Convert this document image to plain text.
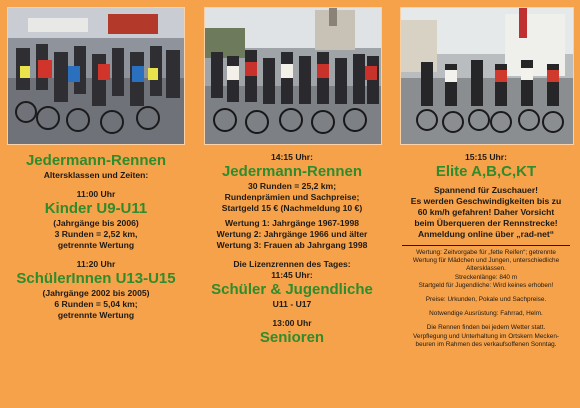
Jedermann-Rennen
Altersklassen und Zeiten:
11:00 Uhr
Kinder U9-U11
(Jahrgänge bis 2006)
3 Runden = 2,52 km,
getrennte Wertung
11:20 Uhr
SchülerInnen U13-U15
(Jahrgänge 2002 bis 2005)
6 Runden = 5,04 km;
getrennte Wertung
14:15 Uhr:
Jedermann-Rennen
30 Runden = 25,2 km;
Rundenprämien und Sachpreise;
Startgeld 15 € (Nachmeldung 10 €)
Wertung 1: Jahrgänge 1967-1998
Wertung 2: Jahrgänge 1966 und älter
Wertung 3: Frauen ab Jahrgang 1998
Die Lizenzrennen des Tages:
11:45 Uhr:
Schüler & Jugendliche
U11 - U17
13:00 Uhr
Senioren
15:15 Uhr:
Elite A,B,C,KT
Spannend für Zuschauer!
Es werden Geschwindigkeiten bis zu
60 km/h gefahren! Daher Vorsicht
beim Überqueren der Rennstrecke!
Anmeldung online über „rad-net“
Wertung: Zeitvorgabe für „fette Reifen“; getrennte
Wertung für Mädchen und Jungen, unterschiedliche
Altersklassen.
Streckenlänge: 840 m
Startgeld für Jugendliche: Wird keines erhoben!
Preise: Urkunden, Pokale und Sachpreise.
Notwendige Ausrüstung: Fahrrad, Helm.
Die Rennen finden bei jedem Wetter statt.
Verpflegung und Unterhaltung im Ortskern Mecken-
beuren im Rahmen des verkaufsoffenen Sonntag.
